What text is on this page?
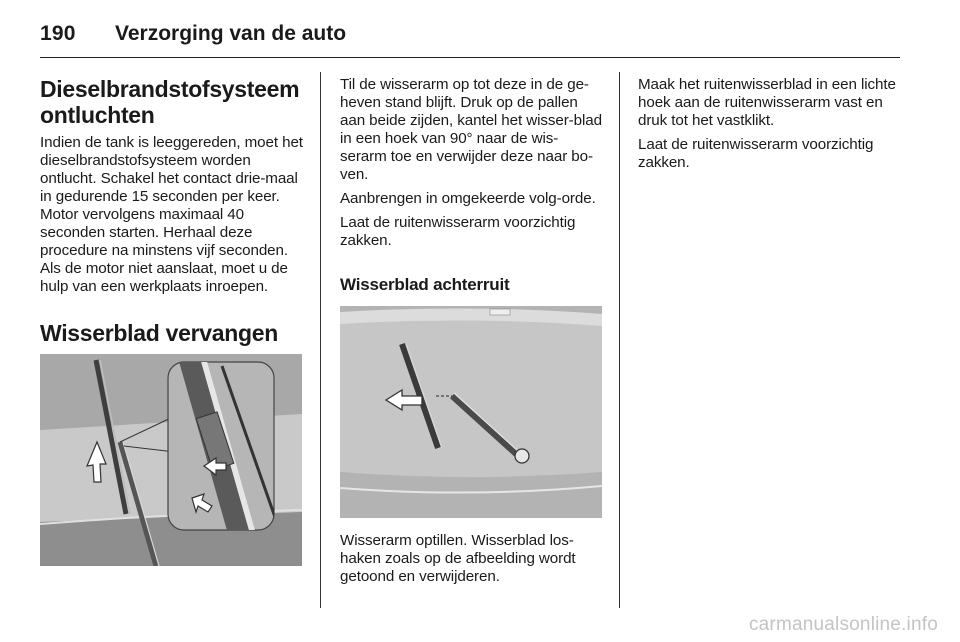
190 Verzorging van de auto
Dieselbrandstofsysteem
ontluchten

Indien de tank is leeggereden, moet het dieselbrandstofsysteem worden ontlucht. Schakel het contact drie-maal in gedurende 15 seconden per keer. Motor vervolgens maximaal 40 seconden starten. Herhaal deze procedure na minstens vijf seconden. Als de motor niet aanslaat, moet u de hulp van een werkplaats inroepen.

Wisserblad vervangen

Til de wisserarm op tot deze in de ge-heven stand blijft. Druk op de pallen aan beide zijden, kantel het wisser-blad in een hoek van 90° naar de wis-serarm toe en verwijder deze naar bo-ven.

Aanbrengen in omgekeerde volg-orde.

Laat de ruitenwisserarm voorzichtig zakken.

Wisserblad achterruit

Wisserarm optillen. Wisserblad los-haken zoals op de afbeelding wordt getoond en verwijderen.

Maak het ruitenwisserblad in een lichte hoek aan de ruitenwisserarm vast en druk tot het vastklikt.

Laat de ruitenwisserarm voorzichtig zakken.

carmanualsonline.info
